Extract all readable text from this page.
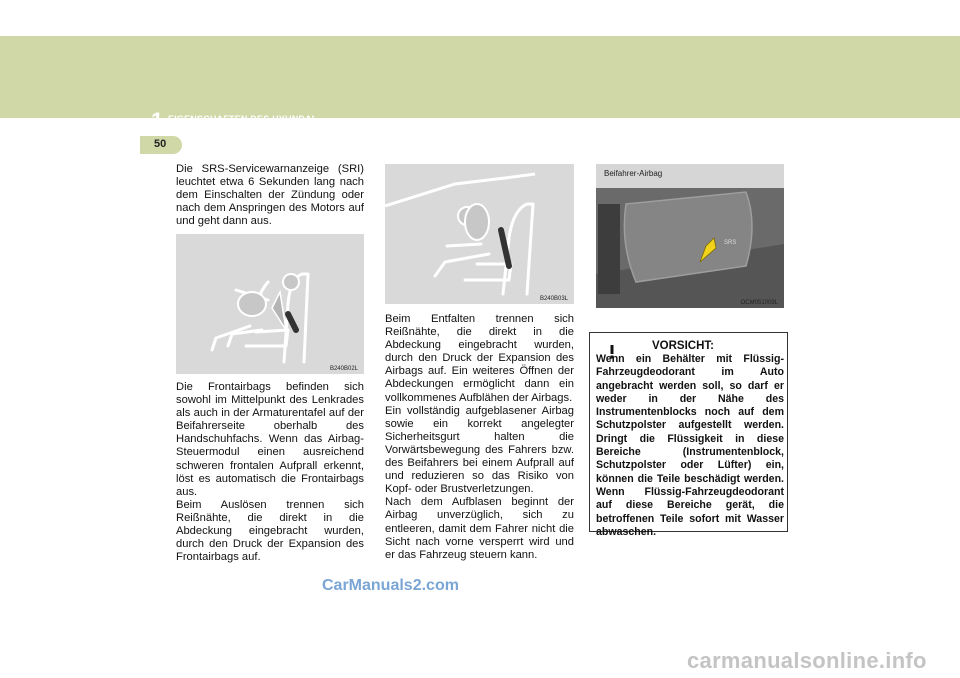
1 EIGENSCHAFTEN DES HYUNDAI
50
Die SRS-Servicewarnanzeige (SRI) leuchtet etwa 6 Sekunden lang nach dem Einschalten der Zündung oder nach dem Anspringen des Motors auf und geht dann aus.
B240B02L
Die Frontairbags befinden sich sowohl im Mittelpunkt des Lenkrades als auch in der Armaturentafel auf der Beifahrerseite oberhalb des Handschuhfachs. Wenn das Airbag-Steuermodul einen ausreichend schweren frontalen Aufprall erkennt, löst es automatisch die Frontairbags aus.
Beim Auslösen trennen sich Reißnähte, die direkt in die Abdeckung eingebracht wurden, durch den Druck der Expansion des Frontairbags auf.
B240B03L
Beim Entfalten trennen sich Reißnähte, die direkt in die Abdeckung eingebracht wurden, durch den Druck der Expansion des Airbags auf. Ein weiteres Öffnen der Abdeckungen ermöglicht dann ein vollkommenes Aufblähen der Airbags.
Ein vollständig aufgeblasener Airbag sowie ein korrekt angelegter Sicherheitsgurt halten die Vorwärtsbewegung des Fahrers bzw. des Beifahrers bei einem Aufprall auf und reduzieren so das Risiko von Kopf- oder Brustverletzungen.
Nach dem Aufblasen beginnt der Airbag unverzüglich, sich zu entleeren, damit dem Fahrer nicht die Sicht nach vorne versperrt wird und er das Fahrzeug steuern kann.
SRS
Beifahrer-Airbag
OCM051009L
VORSICHT:
Wenn ein Behälter mit Flüssig-Fahrzeugdeodorant im Auto angebracht werden soll, so darf er weder in der Nähe des Instrumentenblocks noch auf dem Schutzpolster aufgestellt werden. Dringt die Flüssigkeit in diese Bereiche (Instrumentenblock, Schutzpolster oder Lüfter) ein, können die Teile beschädigt werden. Wenn Flüssig-Fahrzeugdeodorant auf diese Bereiche gerät, die betroffenen Teile sofort mit Wasser abwaschen.
CarManuals2.com
carmanualsonline.info
